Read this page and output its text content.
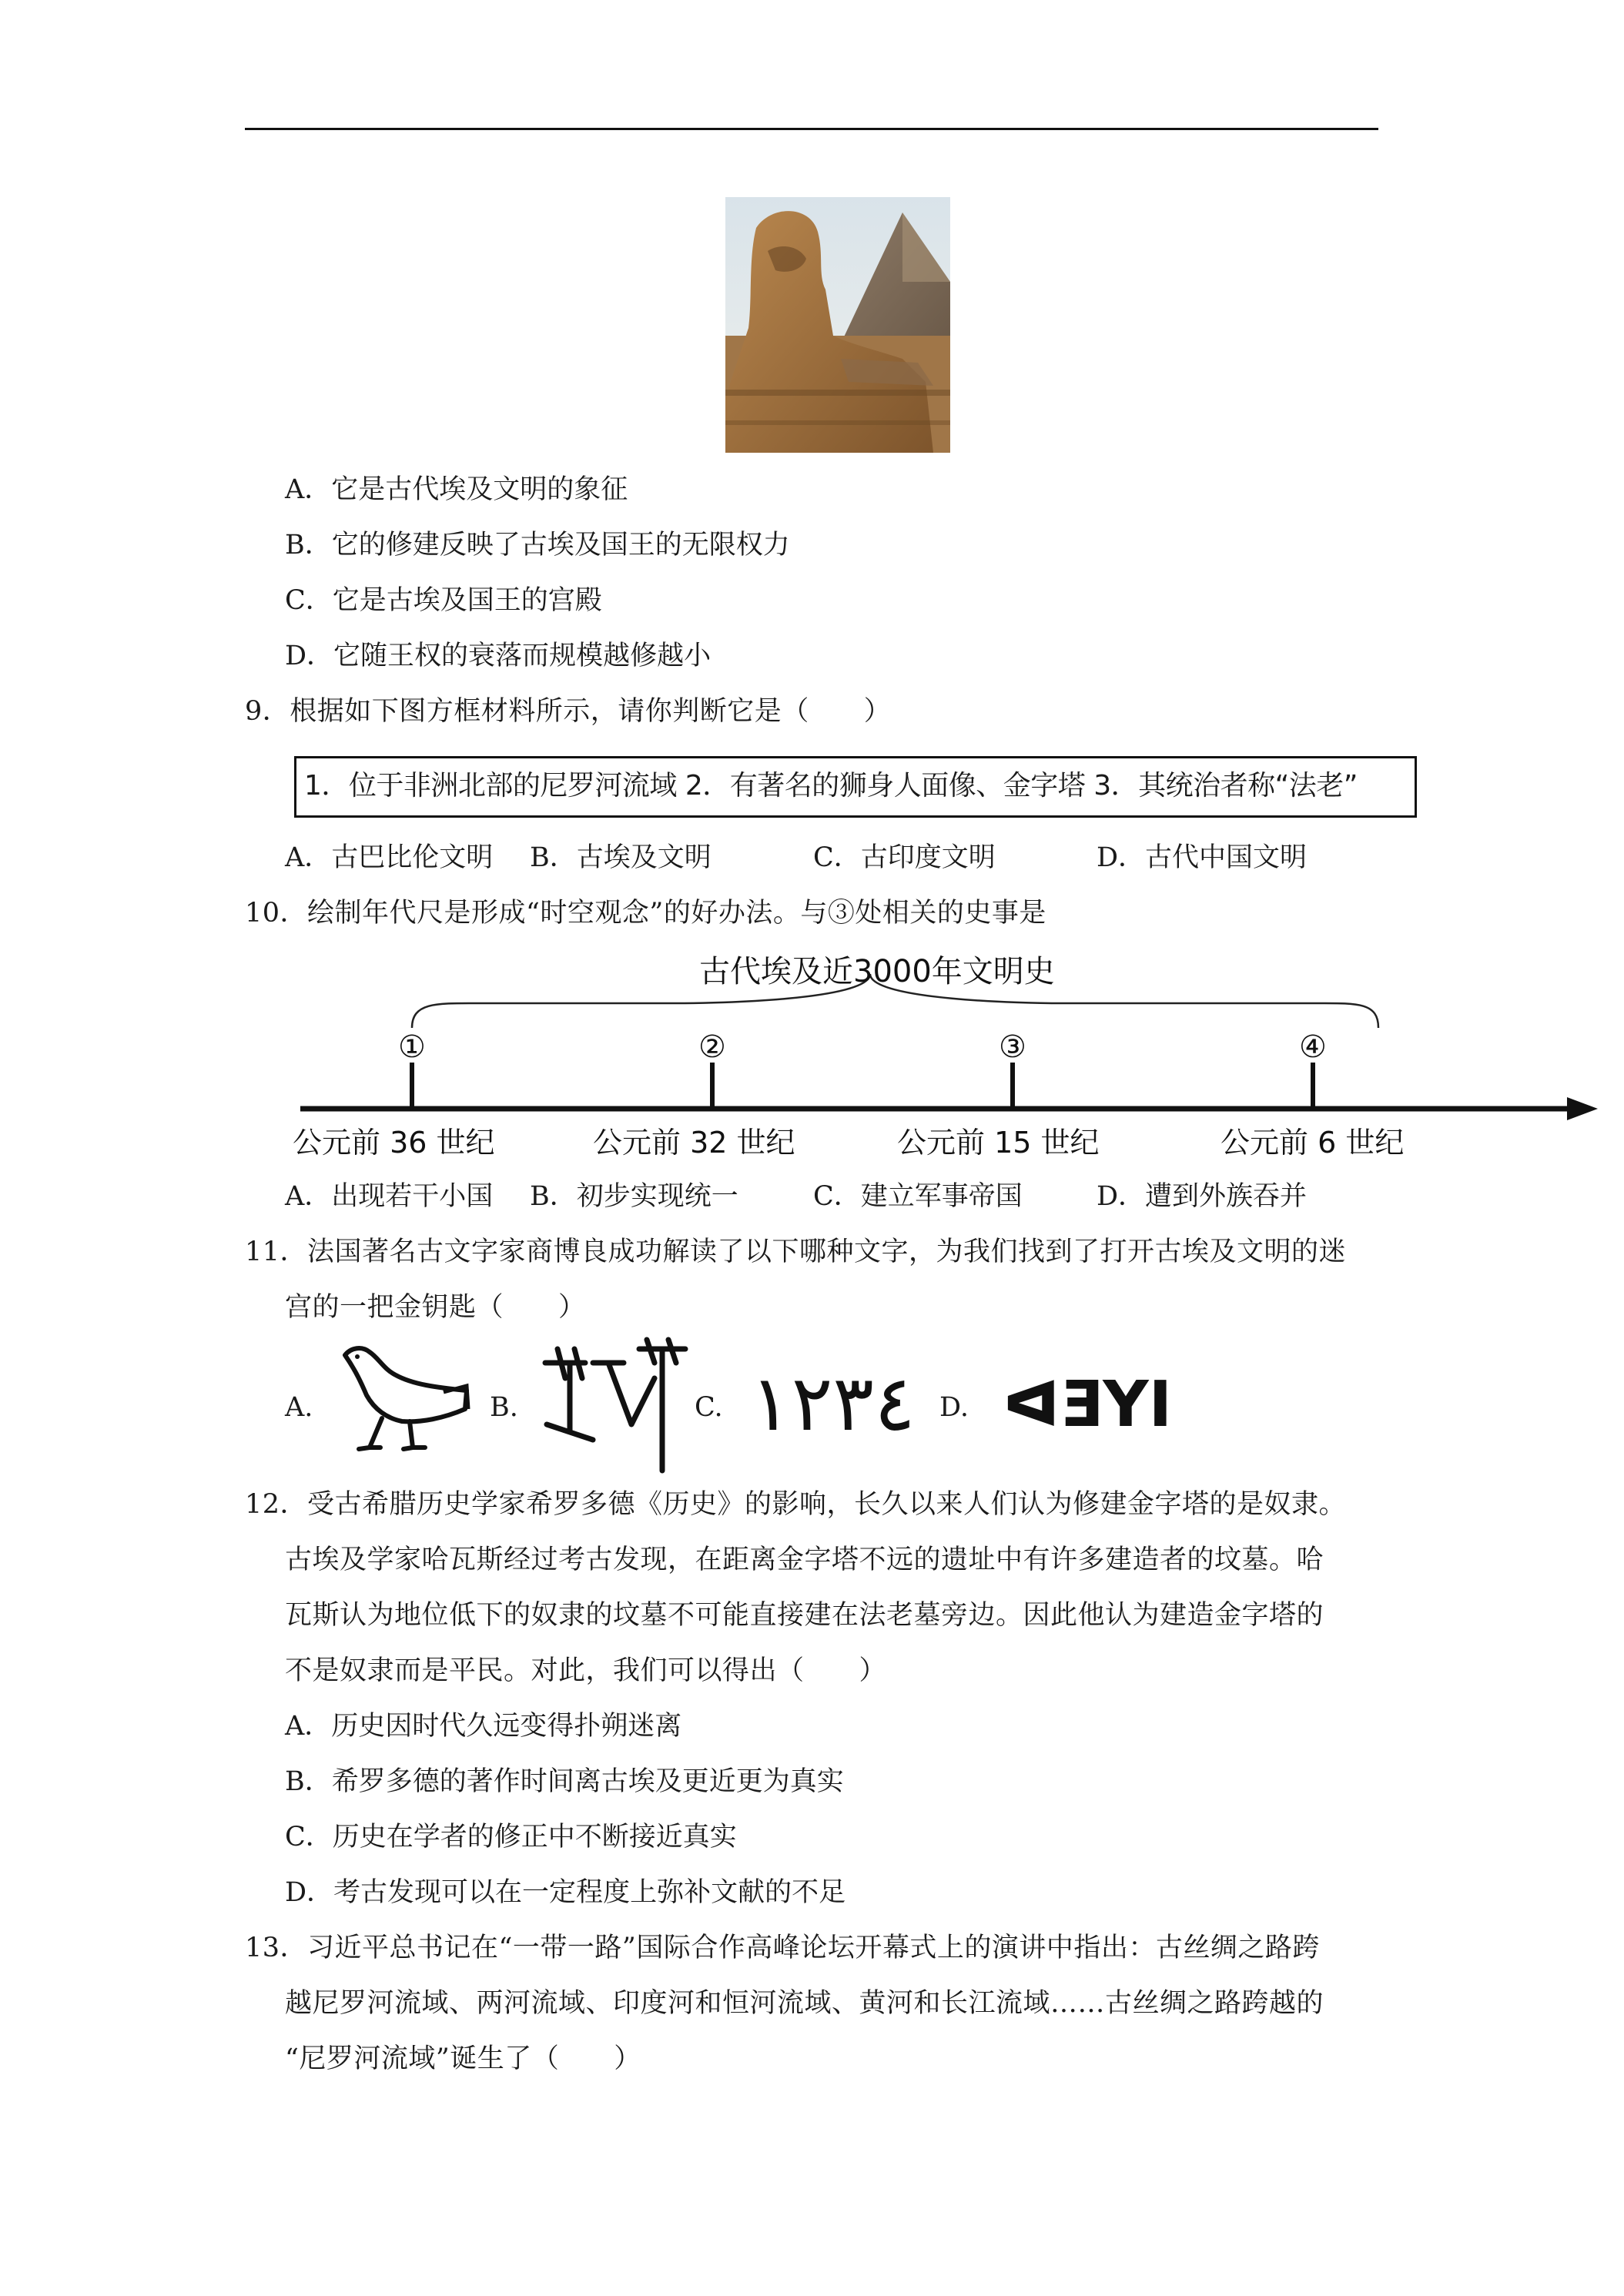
A．它是古代埃及文明的象征
B．它的修建反映了古埃及国王的无限权力
C．它是古埃及国王的宫殿
D．它随王权的衰落而规模越修越小
9．根据如下图方框材料所示，请你判断它是（　　）
1．位于非洲北部的尼罗河流域 2．有著名的狮身人面像、金字塔 3．其统治者称“法老”
A．古巴比伦文明 B．古埃及文明	C．古印度文明	D．古代中国文明
10．绘制年代尺是形成“时空观念”的好办法。与③处相关的史事是
古代埃及近3000年文明史
①	②	③	④
公元前 36 世纪	公元前 32 世纪	公元前 15 世纪	公元前 6 世纪
A．出现若干小国 B．初步实现统一	C．建立军事帝国	D．遭到外族吞并
11．法国著名古文字家商博良成功解读了以下哪种文字，为我们找到了打开古埃及文明的迷
宫的一把金钥匙（　　）
A.	B.	C. ١٢٣٤ D. ᐊƎYI
12．受古希腊历史学家希罗多德《历史》的影响，长久以来人们认为修建金字塔的是奴隶。
古埃及学家哈瓦斯经过考古发现，在距离金字塔不远的遗址中有许多建造者的坟墓。哈
瓦斯认为地位低下的奴隶的坟墓不可能直接建在法老墓旁边。因此他认为建造金字塔的
不是奴隶而是平民。对此，我们可以得出（　　）
A．历史因时代久远变得扑朔迷离
B．希罗多德的著作时间离古埃及更近更为真实
C．历史在学者的修正中不断接近真实
D．考古发现可以在一定程度上弥补文献的不足
13．习近平总书记在“一带一路”国际合作高峰论坛开幕式上的演讲中指出：古丝绸之路跨
越尼罗河流域、两河流域、印度河和恒河流域、黄河和长江流域……古丝绸之路跨越的
“尼罗河流域”诞生了（　　）
